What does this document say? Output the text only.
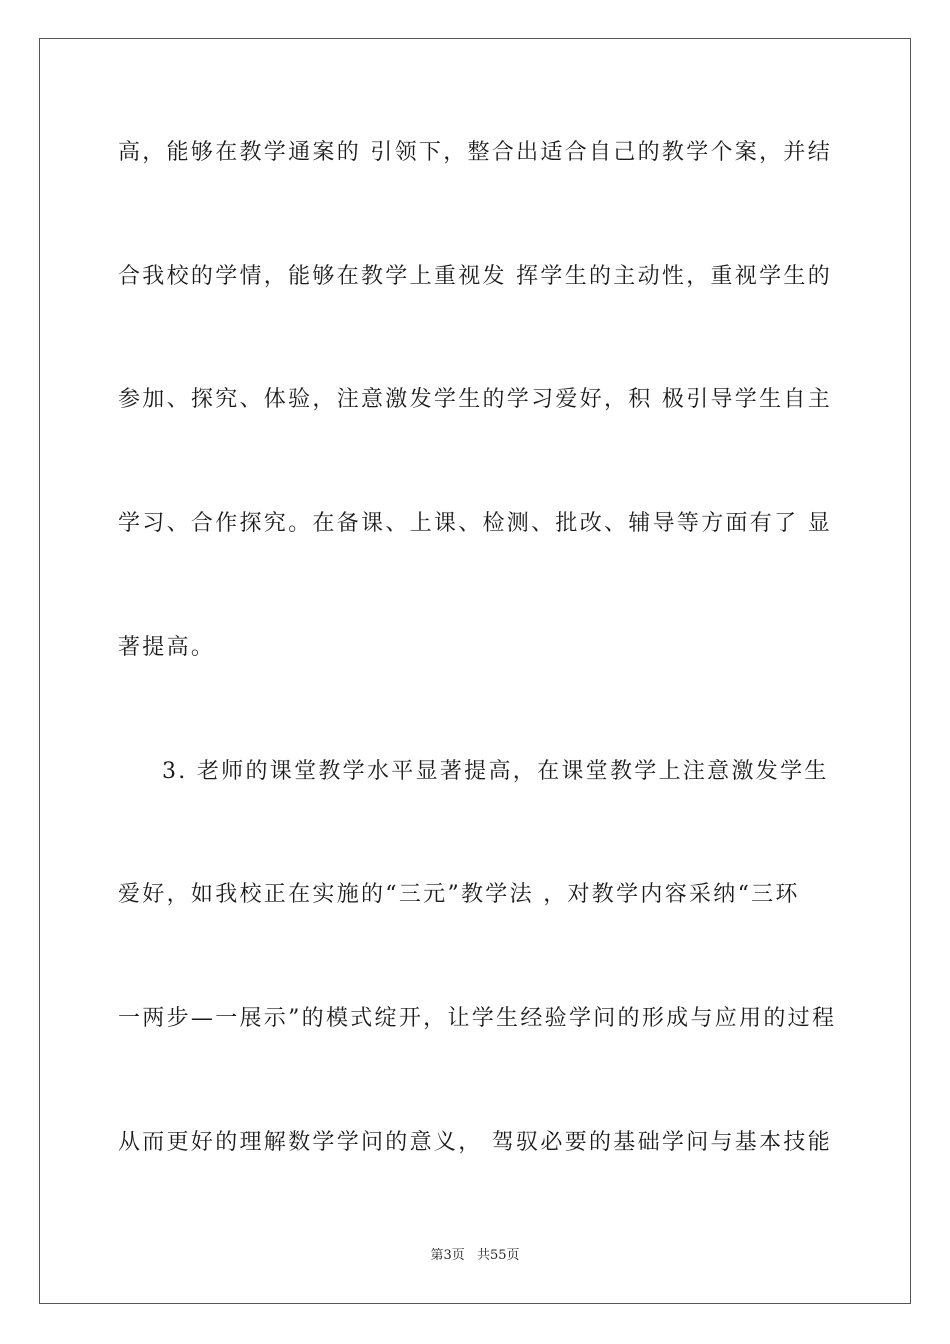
高，能够在教学通案的 引领下，整合出适合自己的教学个案，并结
合我校的学情，能够在教学上重视发 挥学生的主动性，重视学生的
参加、探究、体验，注意激发学生的学习爱好，积 极引导学生自主
学习、合作探究。在备课、上课、检测、批改、辅导等方面有了 显
著提高。
3. 老师的课堂教学水平显著提高，在课堂教学上注意激发学生
爱好，如我校正在实施的“三元”教学法 ，对教学内容采纳“三环
一两步—一展示”的模式绽开，让学生经验学问的形成与应用的过程
从而更好的理解数学学问的意义， 驾驭必要的基础学问与基本技能
第3页 共55页
